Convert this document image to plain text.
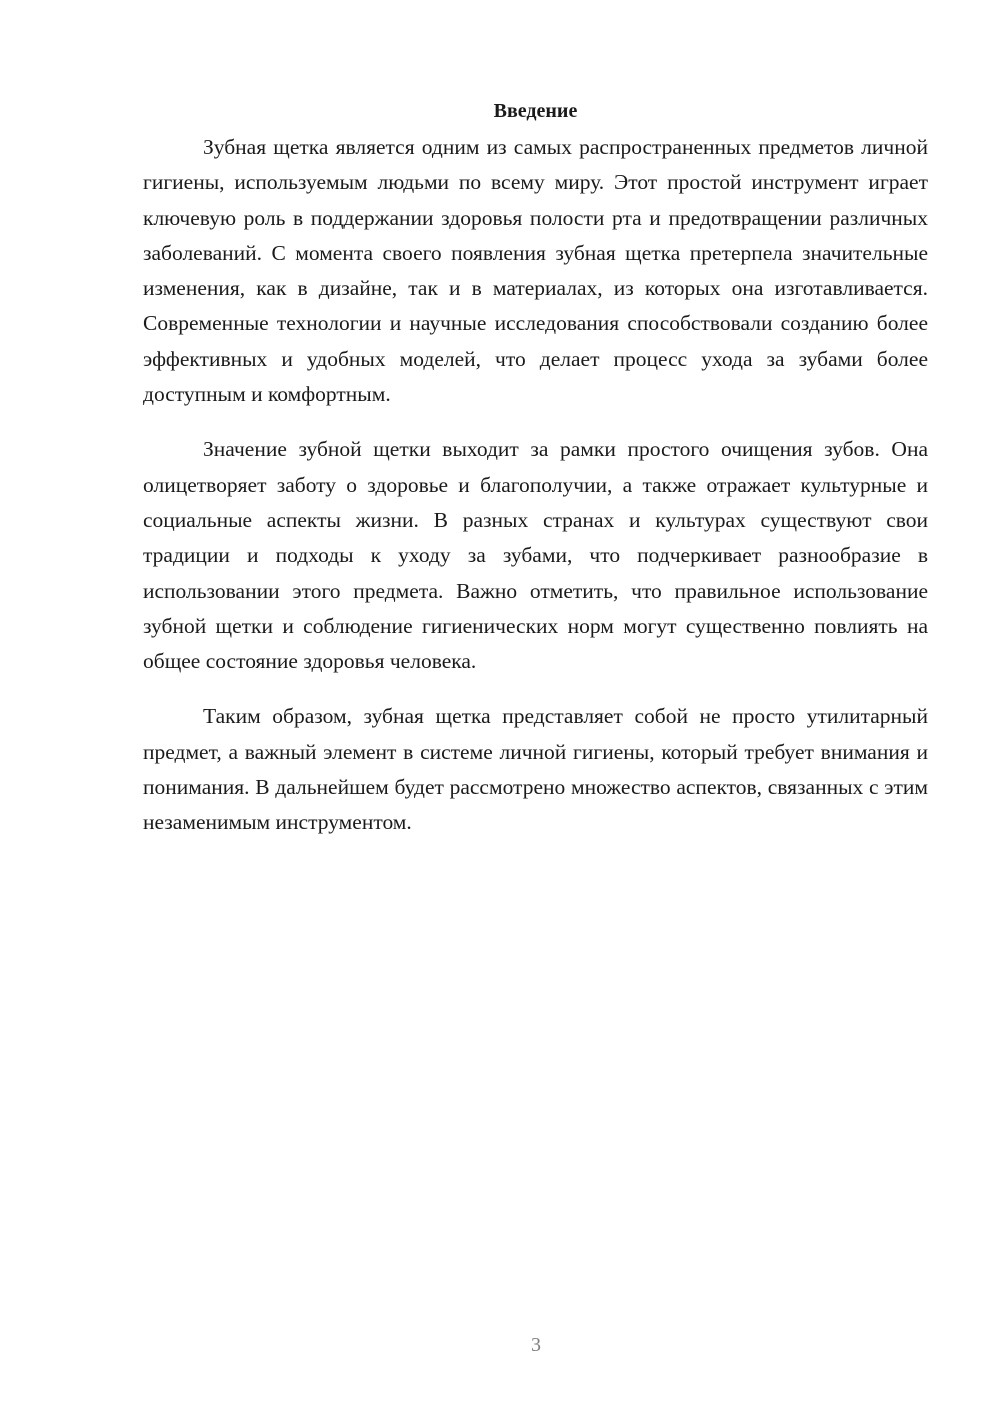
Введение

Зубная щетка является одним из самых распространенных предметов личной гигиены, используемым людьми по всему миру. Этот простой инструмент играет ключевую роль в поддержании здоровья полости рта и предотвращении различных заболеваний. С момента своего появления зубная щетка претерпела значительные изменения, как в дизайне, так и в материалах, из которых она изготавливается. Современные технологии и научные исследования способствовали созданию более эффективных и удобных моделей, что делает процесс ухода за зубами более доступным и комфортным.

Значение зубной щетки выходит за рамки простого очищения зубов. Она олицетворяет заботу о здоровье и благополучии, а также отражает культурные и социальные аспекты жизни. В разных странах и культурах существуют свои традиции и подходы к уходу за зубами, что подчеркивает разнообразие в использовании этого предмета. Важно отметить, что правильное использование зубной щетки и соблюдение гигиенических норм могут существенно повлиять на общее состояние здоровья человека.

Таким образом, зубная щетка представляет собой не просто утилитарный предмет, а важный элемент в системе личной гигиены, который требует внимания и понимания. В дальнейшем будет рассмотрено множество аспектов, связанных с этим незаменимым инструментом.

3
